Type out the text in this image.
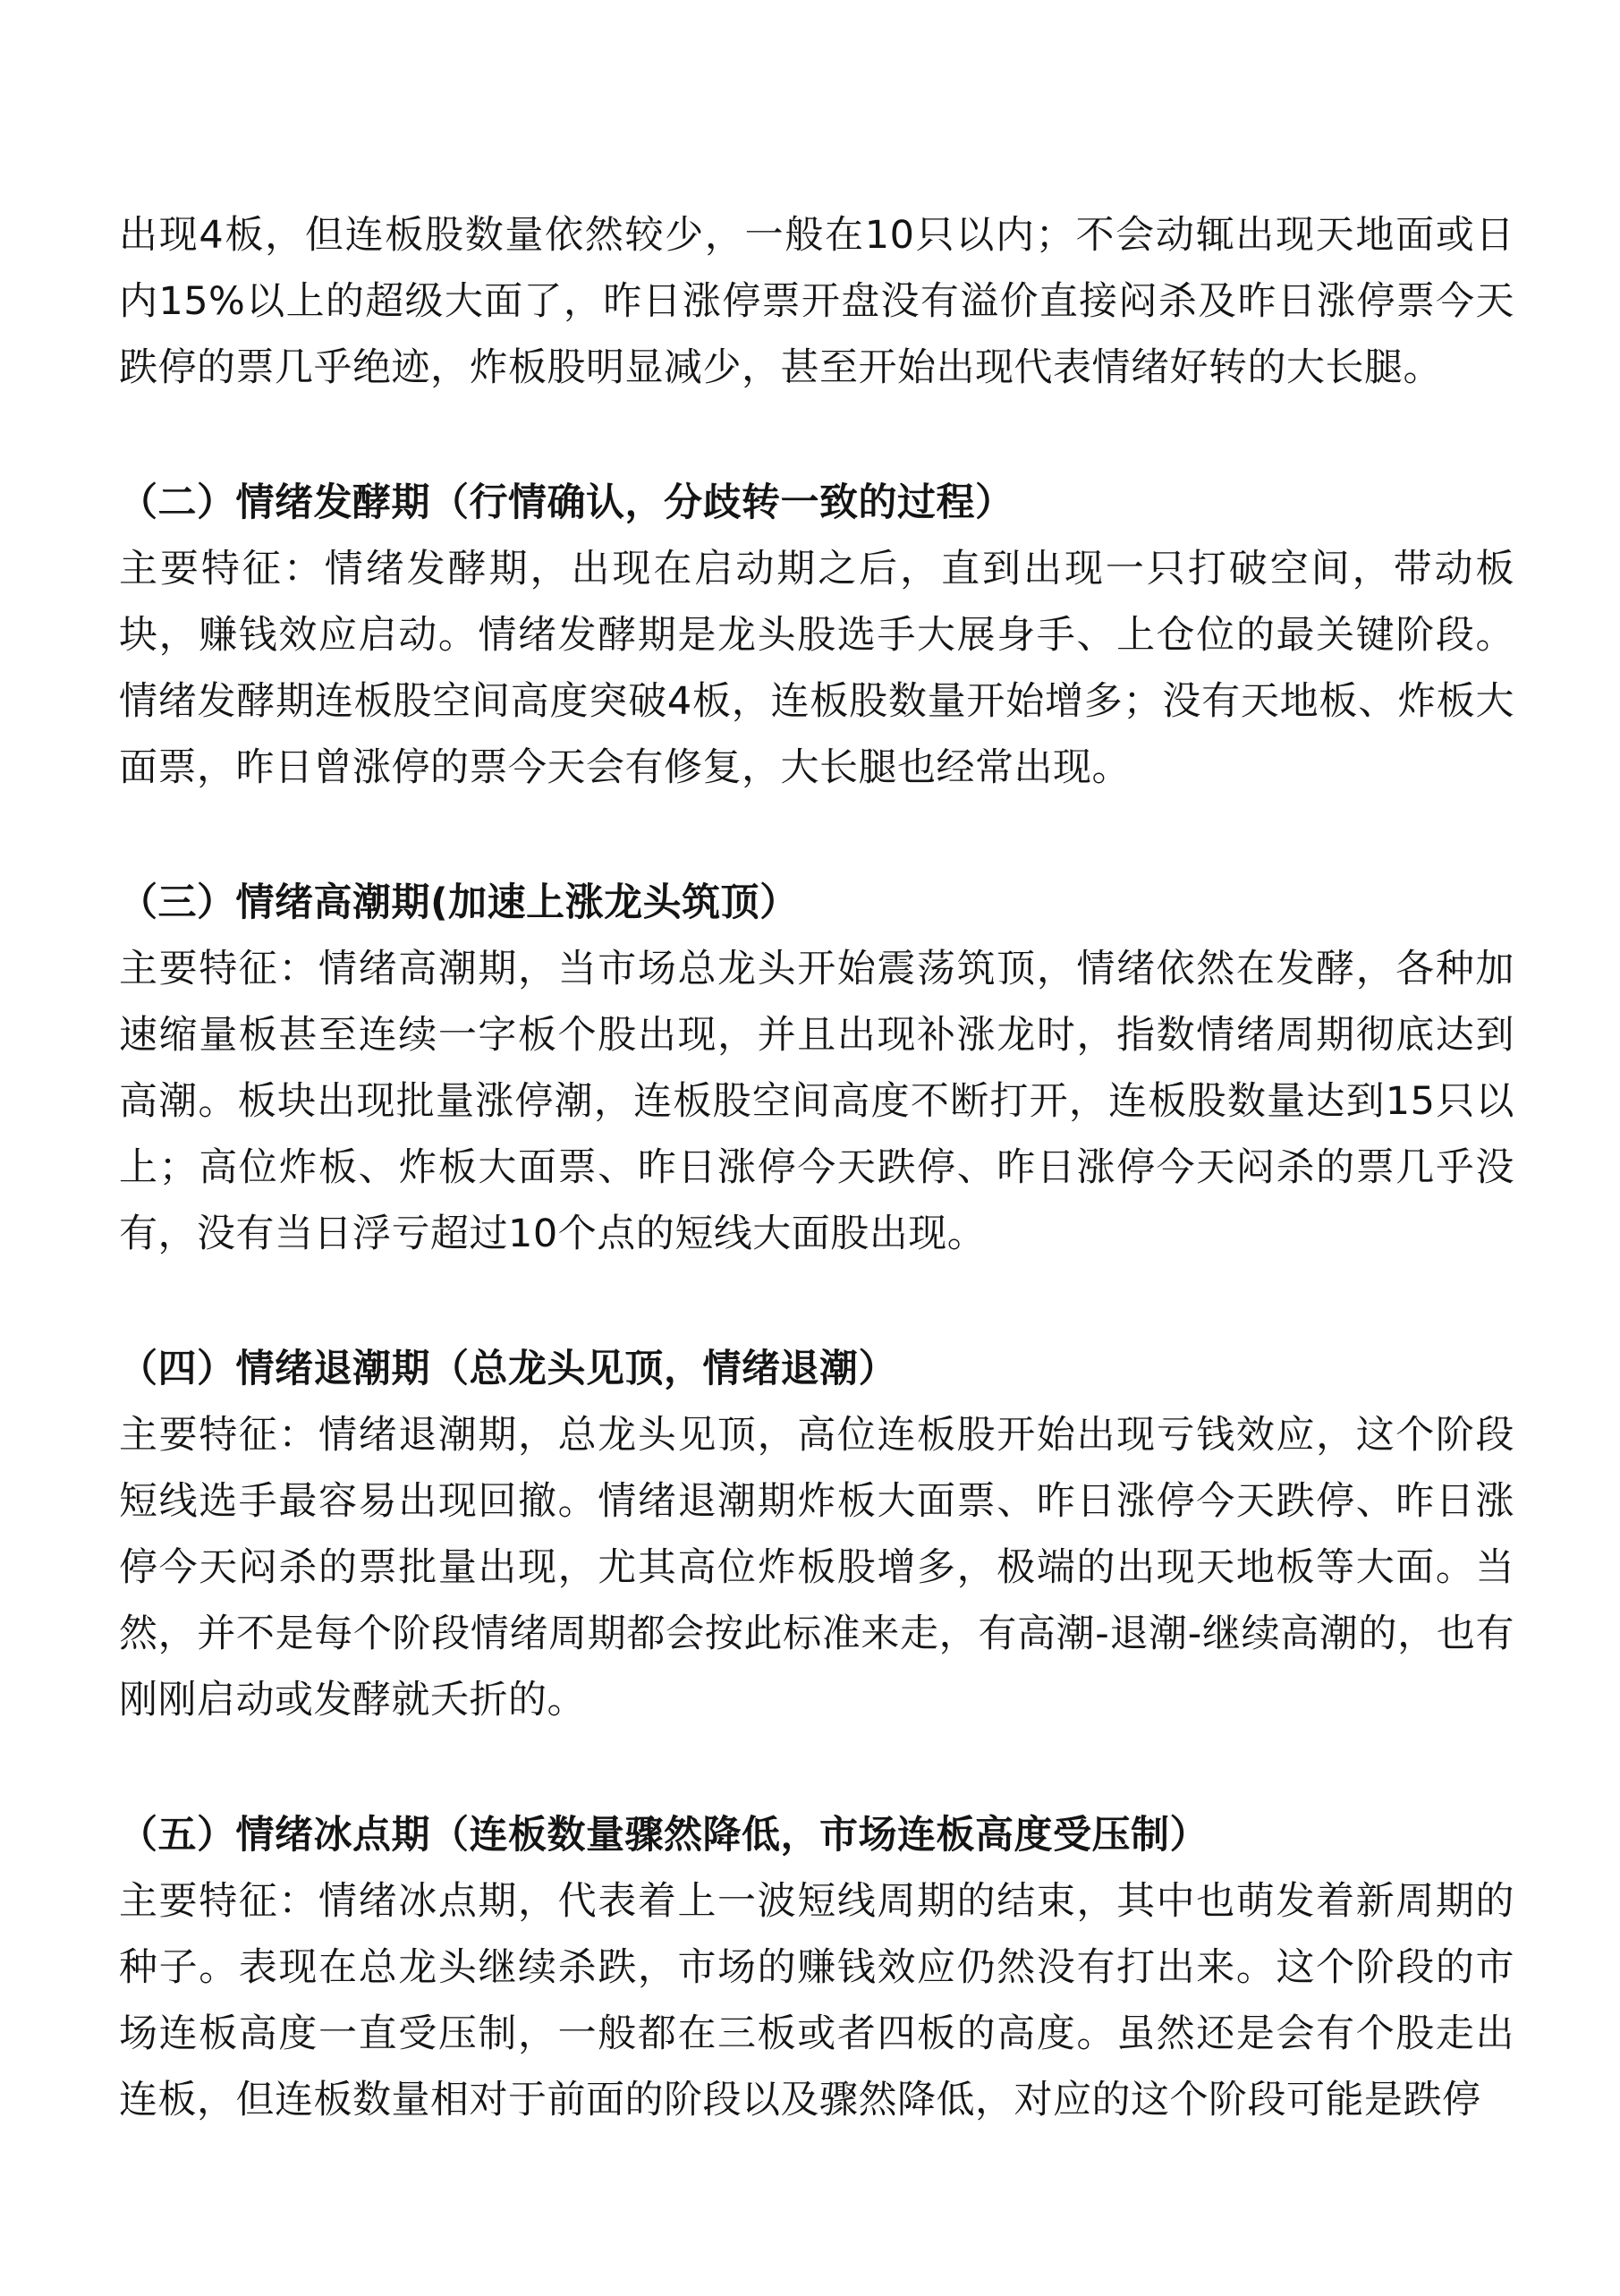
出现4板，但连板股数量依然较少，一般在10只以内；不会动辄出现天地面或日内15%以上的超级大面了，昨日涨停票开盘没有溢价直接闷杀及昨日涨停票今天跌停的票几乎绝迹，炸板股明显减少，甚至开始出现代表情绪好转的大长腿。

（二）情绪发酵期（行情确认，分歧转一致的过程）

主要特征：情绪发酵期，出现在启动期之后，直到出现一只打破空间，带动板块，赚钱效应启动。情绪发酵期是龙头股选手大展身手、上仓位的最关键阶段。情绪发酵期连板股空间高度突破4板，连板股数量开始增多；没有天地板、炸板大面票，昨日曾涨停的票今天会有修复，大长腿也经常出现。

（三）情绪高潮期(加速上涨龙头筑顶）

主要特征：情绪高潮期，当市场总龙头开始震荡筑顶，情绪依然在发酵，各种加速缩量板甚至连续一字板个股出现，并且出现补涨龙时，指数情绪周期彻底达到高潮。板块出现批量涨停潮，连板股空间高度不断打开，连板股数量达到15只以上；高位炸板、炸板大面票、昨日涨停今天跌停、昨日涨停今天闷杀的票几乎没有，没有当日浮亏超过10个点的短线大面股出现。

（四）情绪退潮期（总龙头见顶，情绪退潮）

主要特征：情绪退潮期，总龙头见顶，高位连板股开始出现亏钱效应，这个阶段短线选手最容易出现回撤。情绪退潮期炸板大面票、昨日涨停今天跌停、昨日涨停今天闷杀的票批量出现，尤其高位炸板股增多，极端的出现天地板等大面。当然，并不是每个阶段情绪周期都会按此标准来走，有高潮-退潮-继续高潮的，也有刚刚启动或发酵就夭折的。

（五）情绪冰点期（连板数量骤然降低，市场连板高度受压制）

主要特征：情绪冰点期，代表着上一波短线周期的结束，其中也萌发着新周期的种子。表现在总龙头继续杀跌，市场的赚钱效应仍然没有打出来。这个阶段的市场连板高度一直受压制，一般都在三板或者四板的高度。虽然还是会有个股走出连板，但连板数量相对于前面的阶段以及骤然降低，对应的这个阶段可能是跌停
